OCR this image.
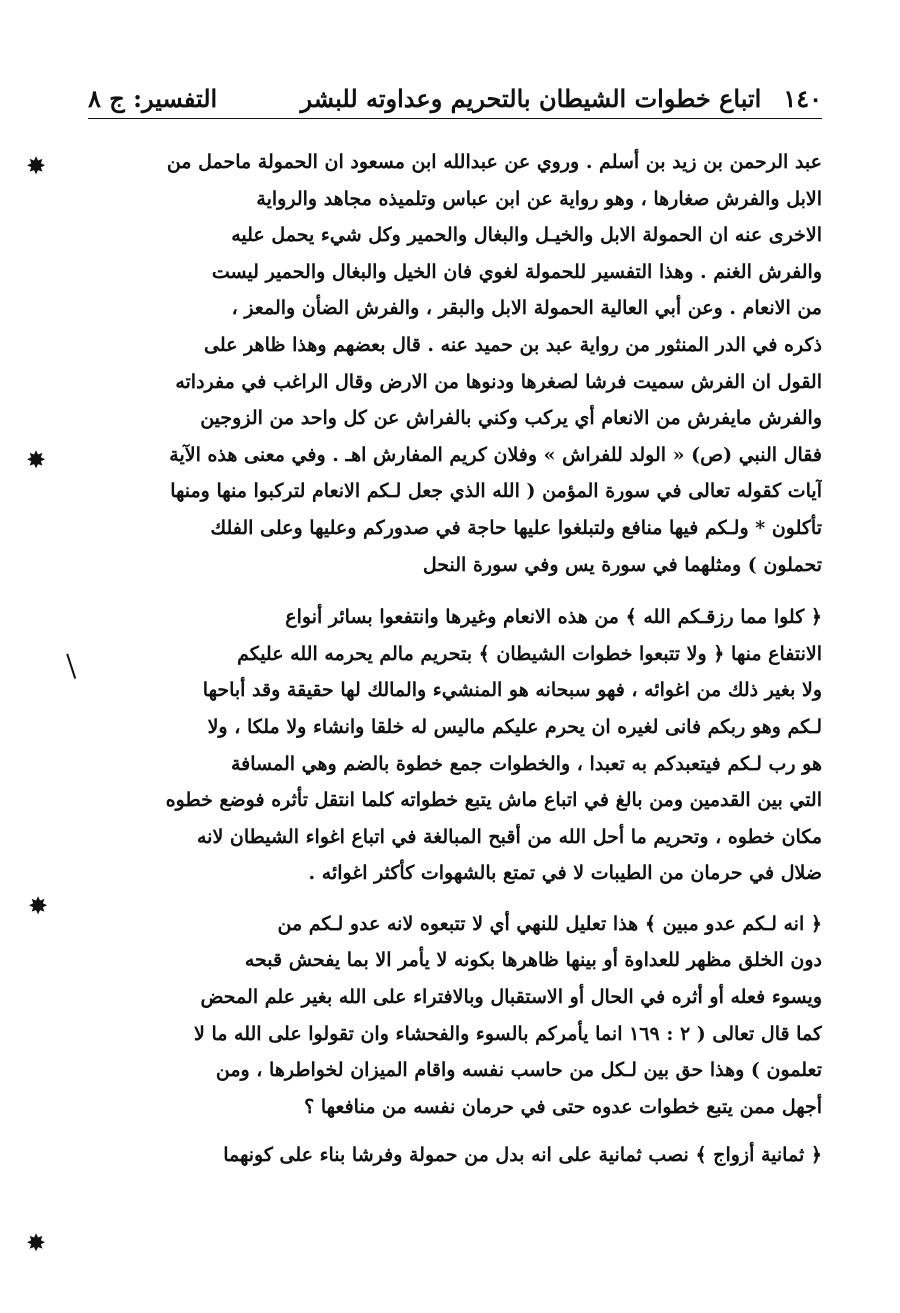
١٤٠
اتباع خطوات الشيطان بالتحريم وعداوته للبشر
التفسير: ج ٨
عبد الرحمن بن زيد بن أسلم . وروي عن عبدالله ابن مسعود ان الحمولة ماحمل من
الابل والفرش صغارها ، وهو رواية عن ابن عباس وتلميذه مجاهد والرواية
الاخرى عنه ان الحمولة الابل والخيـل والبغال والحمير وكل شيء يحمل عليه
والفرش الغنم . وهذا التفسير للحمولة لغوي فان الخيل والبغال والحمير ليست
من الانعام . وعن أبي العالية الحمولة الابل والبقر ، والفرش الضأن والمعز ،
ذكره في الدر المنثور من رواية عبد بن حميد عنه . قال بعضهم وهذا ظاهر على
القول ان الفرش سميت فرشا لصغرها ودنوها من الارض وقال الراغب في مفرداته
والفرش مايفرش من الانعام أي يركب وكني بالفراش عن كل واحد من الزوجين
فقال النبي (ص) « الولد للفراش » وفلان كريم المفارش اهـ . وفي معنى هذه الآية
آيات كقوله تعالى في سورة المؤمن ( الله الذي جعل لـكم الانعام لتركبوا منها ومنها
تأكلون * ولـكم فيها منافع ولتبلغوا عليها حاجة في صدوركم وعليها وعلى الفلك
تحملون ) ومثلهما في سورة يس وفي سورة النحل
﴿ كلوا مما رزقـكم الله ﴾ من هذه الانعام وغيرها وانتفعوا بسائر أنواع
الانتفاع منها ﴿ ولا تتبعوا خطوات الشيطان ﴾ بتحريم مالم يحرمه الله عليكم
ولا بغير ذلك من اغوائه ، فهو سبحانه هو المنشيء والمالك لها حقيقة وقد أباحها
لـكم وهو ربكم فانى لغيره ان يحرم عليكم ماليس له خلقا وانشاء ولا ملكا ، ولا
هو رب لـكم فيتعبدكم به تعبدا ، والخطوات جمع خطوة بالضم وهي المسافة
التي بين القدمين ومن بالغ في اتباع ماش يتبع خطواته كلما انتقل تأثره فوضع خطوه
مكان خطوه ، وتحريم ما أحل الله من أقبح المبالغة في اتباع اغواء الشيطان لانه
ضلال في حرمان من الطيبات لا في تمتع بالشهوات كأكثر اغوائه .
﴿ انه لـكم عدو مبين ﴾ هذا تعليل للنهي أي لا تتبعوه لانه عدو لـكم من
دون الخلق مظهر للعداوة أو بينها ظاهرها بكونه لا يأمر الا بما يفحش قبحه
ويسوء فعله أو أثره في الحال أو الاستقبال وبالافتراء على الله بغير علم المحض
كما قال تعالى ( ٢ : ١٦٩ انما يأمركم بالسوء والفحشاء وان تقولوا على الله ما لا
تعلمون ) وهذا حق بين لـكل من حاسب نفسه واقام الميزان لخواطرها ، ومن
أجهل ممن يتبع خطوات عدوه حتى في حرمان نفسه من منافعها ؟
﴿ ثمانية أزواج ﴾ نصب ثمانية على انه بدل من حمولة وفرشا بناء على كونهما
